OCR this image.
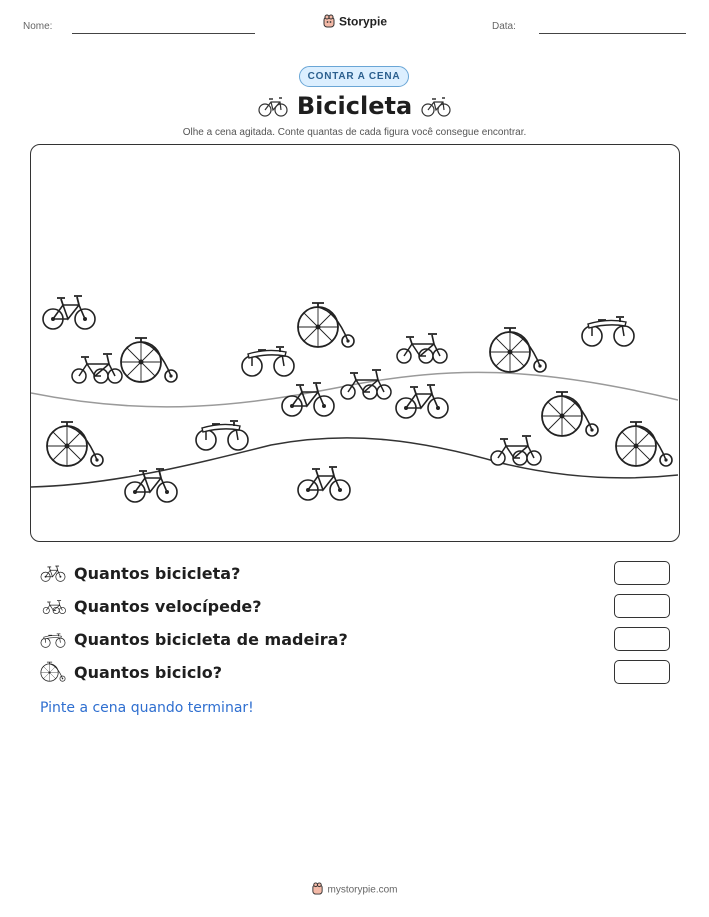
Nome:	Storypie	Data:
CONTAR A CENA
Bicicleta
Olhe a cena agitada. Conte quantas de cada figura você consegue encontrar.
Quantos bicicleta?
Quantos velocípede?
Quantos bicicleta de madeira?
Quantos biciclo?
Pinte a cena quando terminar!
mystorypie.com
